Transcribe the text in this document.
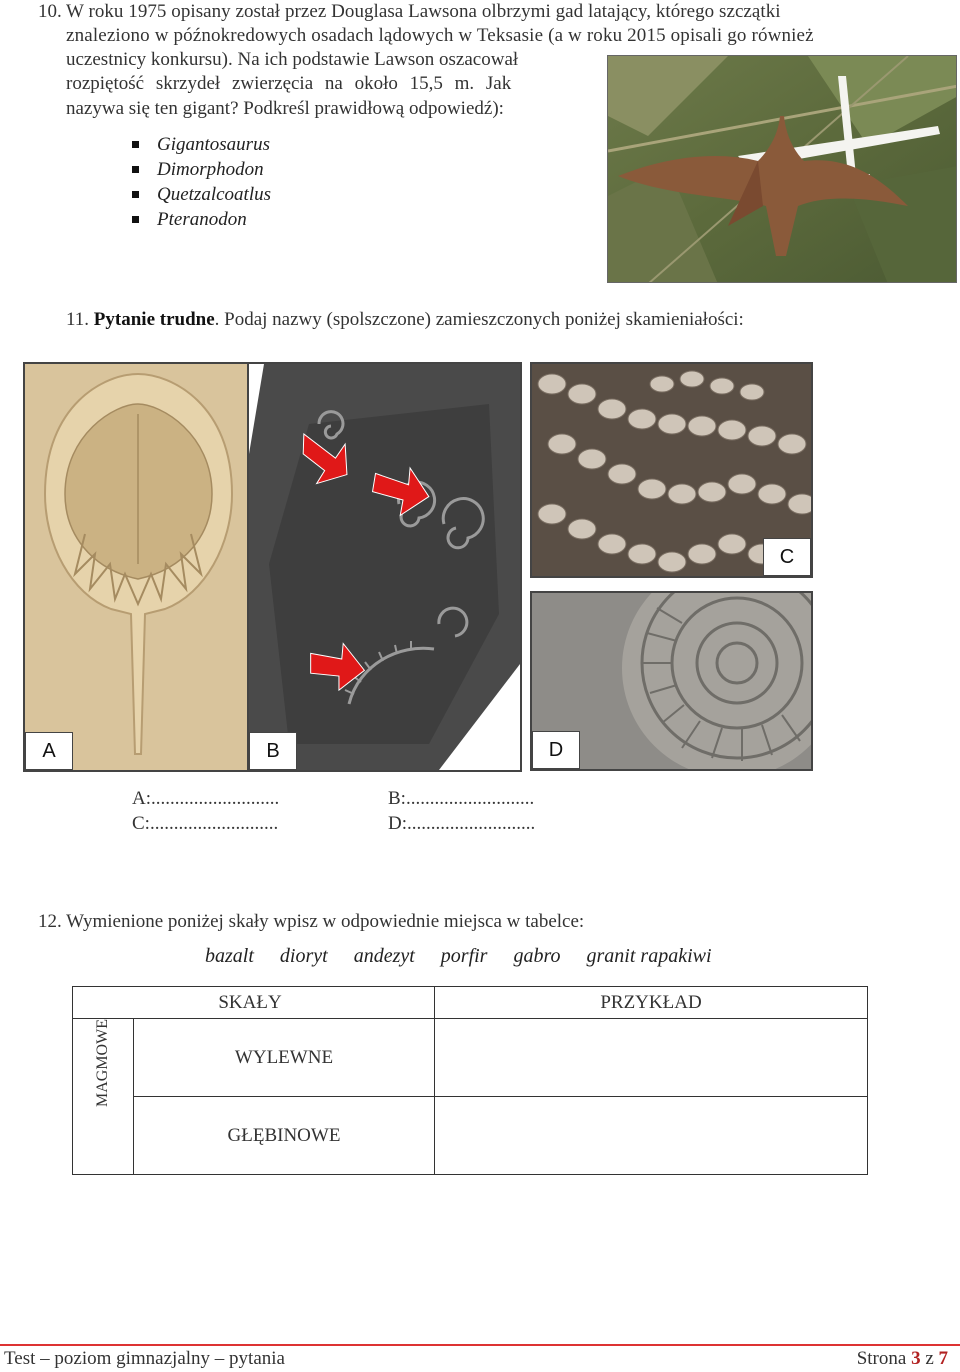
10. W roku 1975 opisany został przez Douglasa Lawsona olbrzymi gad latający, którego szczątki
znaleziono w późnokredowych osadach lądowych w Teksasie (a w roku 2015 opisali go również
uczestnicy konkursu). Na ich podstawie Lawson oszacował
rozpiętość skrzydeł zwierzęcia na około 15,5 m. Jak
nazywa się ten gigant? Podkreśl prawidłową odpowiedź):
Gigantosaurus
Dimorphodon
Quetzalcoatlus
Pteranodon
11. Pytanie trudne. Podaj nazwy (spolszczone) zamieszczonych poniżej skamieniałości:
A	B
C
D
A:...........................	B:...........................
C:...........................	D:...........................
12. Wymienione poniżej skały wpisz w odpowiednie miejsca w tabelce:
bazalt dioryt andezyt porfir gabro granit rapakiwi
SKAŁY		PRZYKŁAD

MAGMOWE	WYLEWNE	
	GŁĘBINOWE	
Test – poziom gimnazjalny – pytania	Strona 3 z 7
